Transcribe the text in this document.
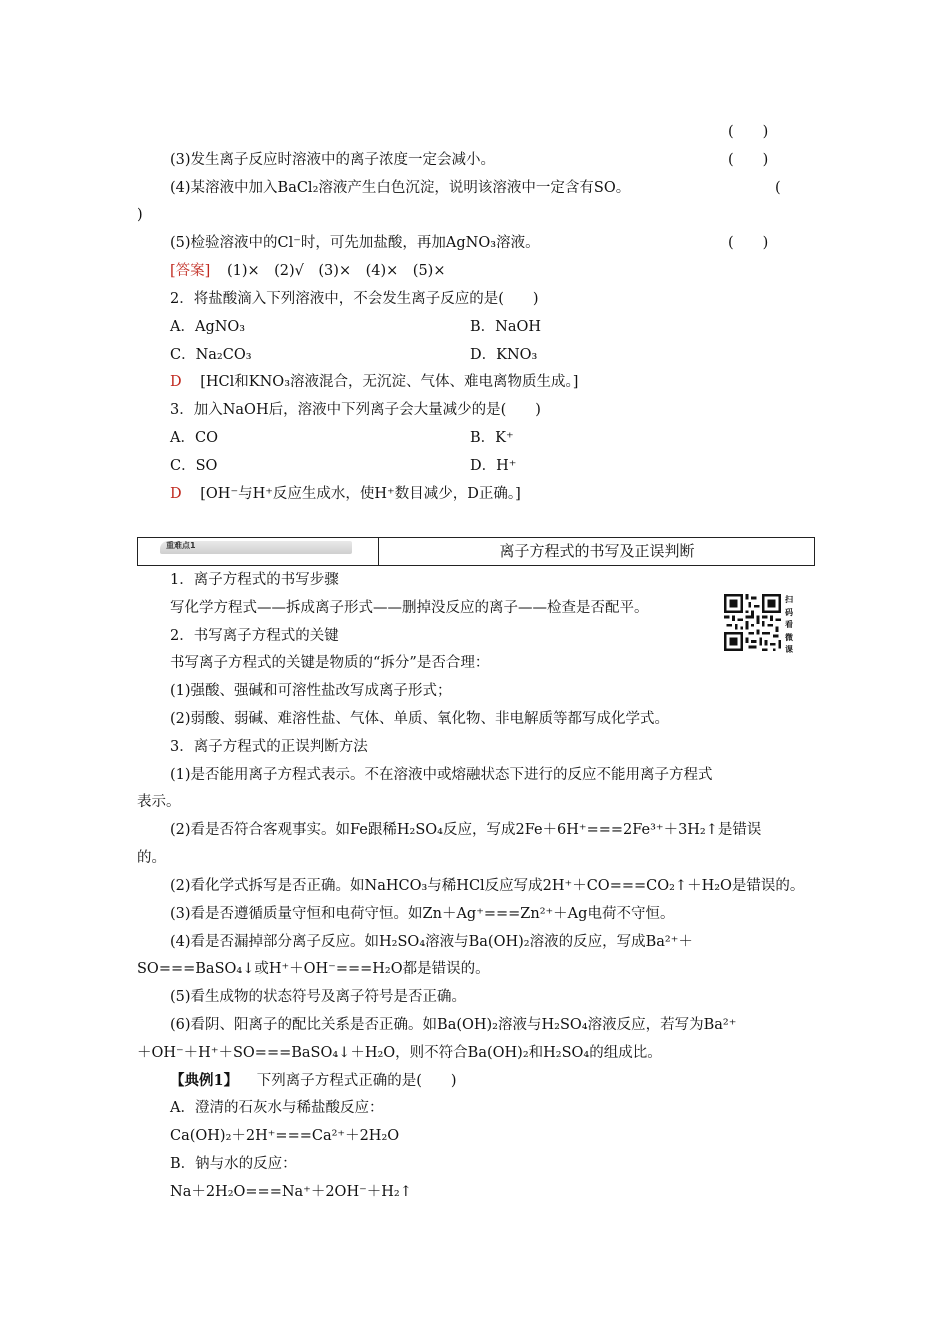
(　　)
(3)发生离子反应时溶液中的离子浓度一定会减小。	(　　)
(4)某溶液中加入BaCl₂溶液产生白色沉淀，说明该溶液中一定含有SO。	(
)
(5)检验溶液中的Cl⁻时，可先加盐酸，再加AgNO₃溶液。	(　　)
[答案] (1)×　(2)√　(3)×　(4)×　(5)×
2．将盐酸滴入下列溶液中，不会发生离子反应的是(　　)
A．AgNO₃	B．NaOH
C．Na₂CO₃	D．KNO₃
D [HCl和KNO₃溶液混合，无沉淀、气体、难电离物质生成。]
3．加入NaOH后，溶液中下列离子会大量减少的是(　　)
A．CO	B．K⁺
C．SO	D．H⁺
D [OH⁻与H⁺反应生成水，使H⁺数目减少，D正确。]
重难点1	离子方程式的书写及正误判断
1．离子方程式的书写步骤
写化学方程式——拆成离子形式——删掉没反应的离子——检查是否配平。
扫码看微课
2．书写离子方程式的关键
书写离子方程式的关键是物质的“拆分”是否合理：
(1)强酸、强碱和可溶性盐改写成离子形式；
(2)弱酸、弱碱、难溶性盐、气体、单质、氧化物、非电解质等都写成化学式。
3．离子方程式的正误判断方法
(1)是否能用离子方程式表示。不在溶液中或熔融状态下进行的反应不能用离子方程式
表示。
(2)看是否符合客观事实。如Fe跟稀H₂SO₄反应，写成2Fe＋6H⁺===2Fe³⁺＋3H₂↑是错误
的。
(2)看化学式拆写是否正确。如NaHCO₃与稀HCl反应写成2H⁺＋CO===CO₂↑＋H₂O是错误的。
(3)看是否遵循质量守恒和电荷守恒。如Zn＋Ag⁺===Zn²⁺＋Ag电荷不守恒。
(4)看是否漏掉部分离子反应。如H₂SO₄溶液与Ba(OH)₂溶液的反应，写成Ba²⁺＋
SO===BaSO₄↓或H⁺＋OH⁻===H₂O都是错误的。
(5)看生成物的状态符号及离子符号是否正确。
(6)看阴、阳离子的配比关系是否正确。如Ba(OH)₂溶液与H₂SO₄溶液反应，若写为Ba²⁺
＋OH⁻＋H⁺＋SO===BaSO₄↓＋H₂O，则不符合Ba(OH)₂和H₂SO₄的组成比。
【典例1】 下列离子方程式正确的是(　　)
A．澄清的石灰水与稀盐酸反应：
Ca(OH)₂＋2H⁺===Ca²⁺＋2H₂O
B．钠与水的反应：
Na＋2H₂O===Na⁺＋2OH⁻＋H₂↑
